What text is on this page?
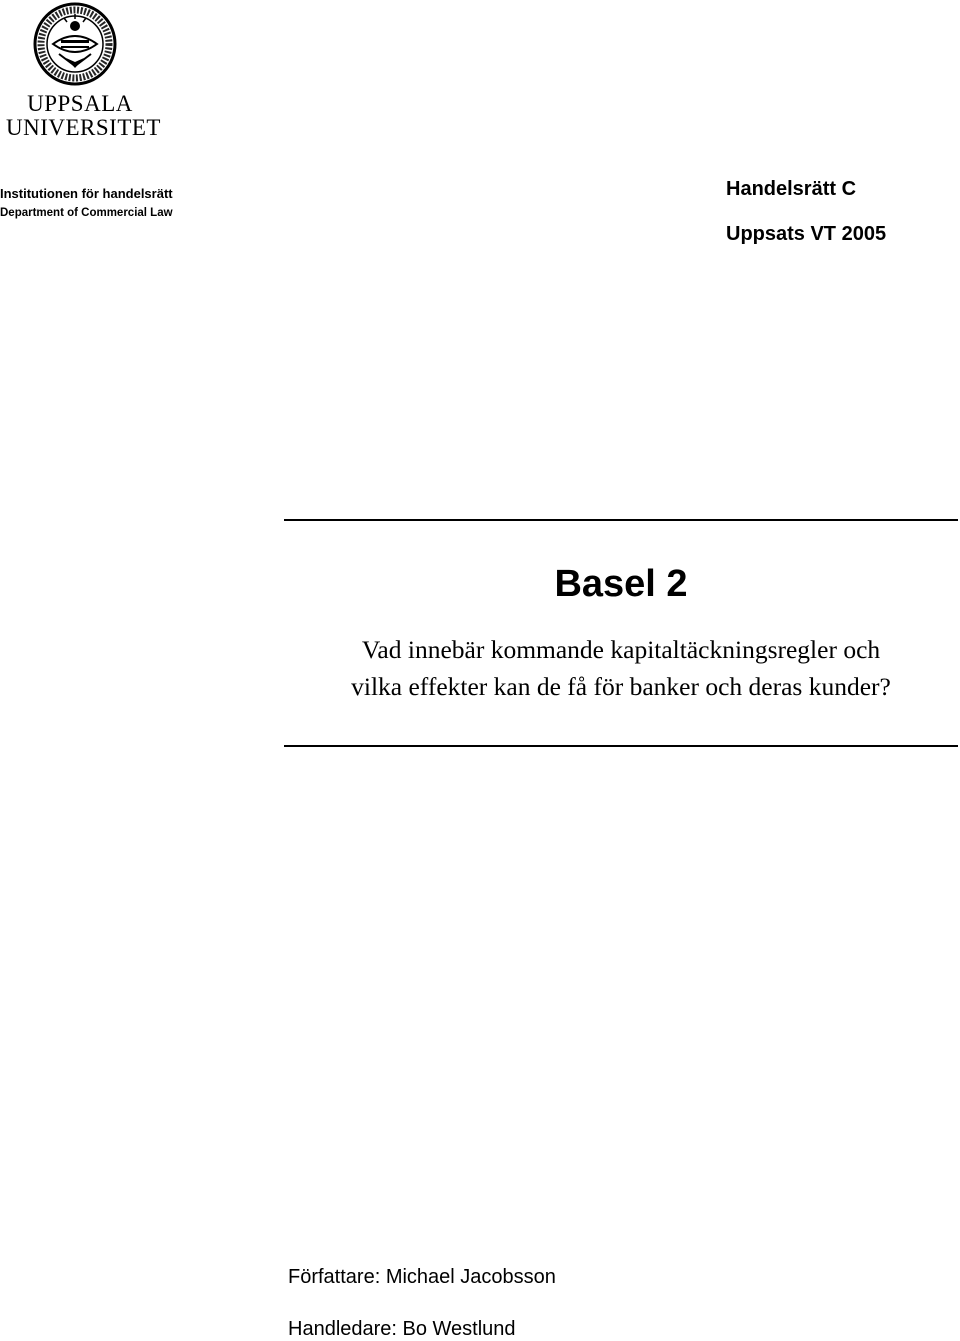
UPPSALA
UNIVERSITET
Institutionen för handelsrätt
Department of Commercial Law
Handelsrätt C
Uppsats VT 2005
Basel 2
Vad innebär kommande kapitaltäckningsregler och
vilka effekter kan de få för banker och deras kunder?
Författare: Michael Jacobsson
Handledare: Bo Westlund
